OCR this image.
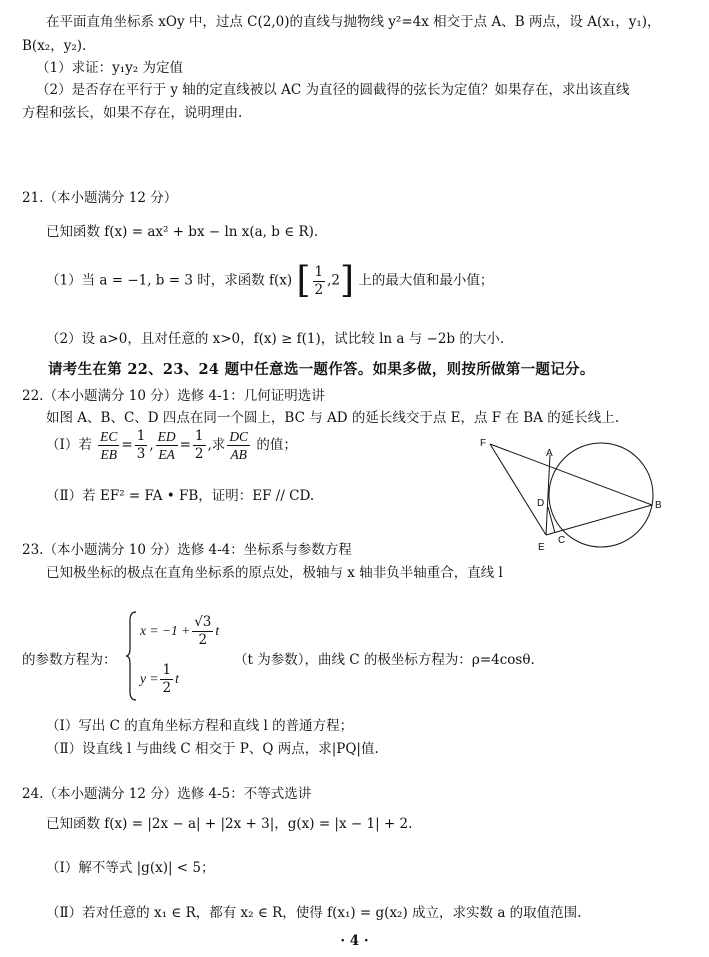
在平面直角坐标系 xOy 中，过点 C(2,0)的直线与抛物线 y²=4x 相交于点 A、B 两点，设 A(x₁，y₁)，
B(x₂，y₂).
（1）求证：y₁y₂ 为定值
（2）是否存在平行于 y 轴的定直线被以 AC 为直径的圆截得的弦长为定值？如果存在，求出该直线
方程和弦长，如果不存在，说明理由.
21.（本小题满分 12 分）
已知函数 f(x) = ax² + bx − ln x(a, b ∈ R).
（1）当 a = −1, b = 3 时，求函数 f(x) [ $\frac{1}{2} ,2$] 上的最大值和最小值；
（2）设 a>0，且对任意的 x>0，f(x) ≥ f(1)，试比较 ln a 与 −2b 的大小.
请考生在第 22、23、24 题中任意选一题作答。如果多做，则按所做第一题记分。
22.（本小题满分 10 分）选修 4-1：几何证明选讲
如图 A、B、C、D 四点在同一个圆上，BC 与 AD 的延长线交于点 E，点 F 在 BA 的延长线上.
（Ⅰ）若 $\frac{EC}{EB} = \frac{1}{3}$ , $\frac{ED}{EA} = \frac{1}{2}$ ,求 $\frac{DC}{AB}$ 的值；
（Ⅱ）若 EF² = FA • FB，证明：EF // CD.
F
A
D	B
E
C
23.（本小题满分 10 分）选修 4-4：坐标系与参数方程
已知极坐标的极点在直角坐标系的原点处，极轴与 x 轴非负半轴重合，直线 l
的参数方程为：
$x = -1 + \frac{√3}{2}$ t
$y = \frac{1}{2}$ t
（t 为参数），曲线 C 的极坐标方程为：ρ=4cosθ.
（Ⅰ）写出 C 的直角坐标方程和直线 l 的普通方程；
（Ⅱ）设直线 l 与曲线 C 相交于 P、Q 两点，求|PQ|值.
24.（本小题满分 12 分）选修 4-5：不等式选讲
已知函数 f(x) = |2x − a| + |2x + 3|，g(x) = |x − 1| + 2.
（Ⅰ）解不等式 |g(x)| < 5；
（Ⅱ）若对任意的 x₁ ∈ R，都有 x₂ ∈ R，使得 f(x₁) = g(x₂) 成立，求实数 a 的取值范围.
· 4 ·
